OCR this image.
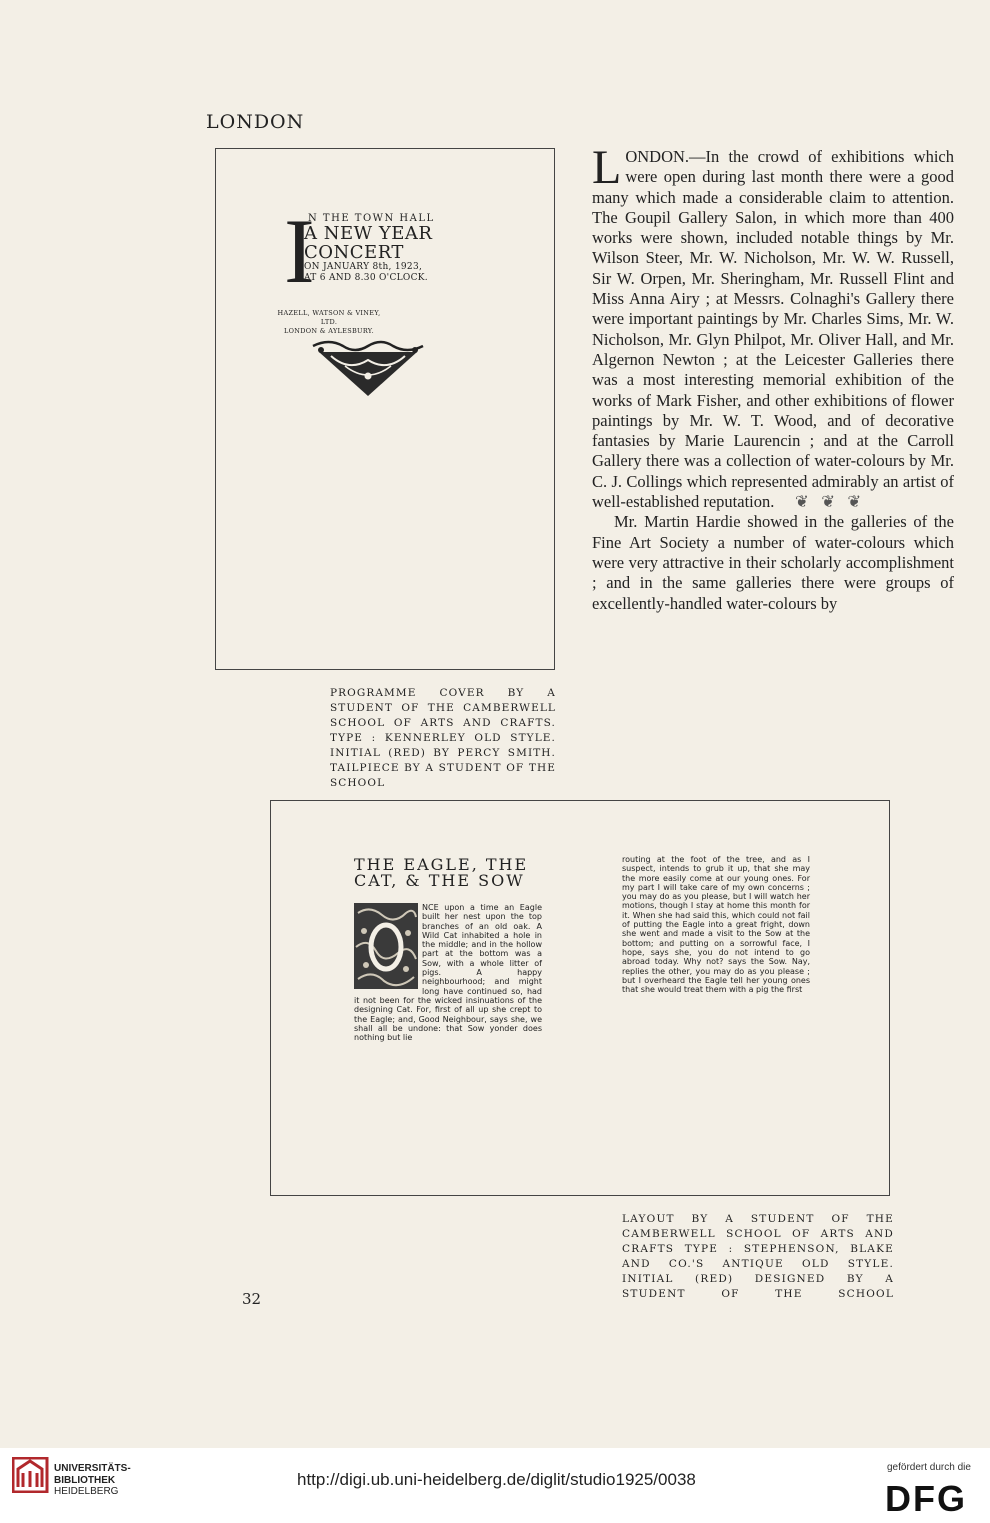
LONDON
I
N THE TOWN HALL
A NEW YEAR
CONCERT
ON JANUARY 8th, 1923,
AT 6 AND 8.30 O'CLOCK.
HAZELL, WATSON & VINEY, LTD.
LONDON & AYLESBURY.
PROGRAMME COVER BY A STUDENT OF THE CAMBERWELL SCHOOL OF ARTS AND CRAFTS. TYPE : KENNERLEY OLD STYLE. INITIAL (RED) BY PERCY SMITH. TAILPIECE BY A STUDENT OF THE SCHOOL

LONDON.—In the crowd of exhibitions which were open during last month there were a good many which made a considerable claim to attention. The Goupil Gallery Salon, in which more than 400 works were shown, included notable things by Mr. Wilson Steer, Mr. W. Nicholson, Mr. W. W. Russell, Sir W. Orpen, Mr. Sheringham, Mr. Russell Flint and Miss Anna Airy ; at Messrs. Colnaghi's Gallery there were important paintings by Mr. Charles Sims, Mr. W. Nicholson, Mr. Glyn Philpot, Mr. Oliver Hall, and Mr. Algernon Newton ; at the Leicester Galleries there was a most interesting memorial exhibition of the works of Mark Fisher, and other exhibitions of flower paintings by Mr. W. T. Wood, and of decorative fantasies by Marie Laurencin ; and at the Carroll Gallery there was a collection of water-colours by Mr. C. J. Collings which represented admirably an artist of well-established reputation.     ❦   ❦   ❦

Mr. Martin Hardie showed in the galleries of the Fine Art Society a number of water-colours which were very attractive in their scholarly accomplishment ; and in the same galleries there were groups of excellently-handled water-colours by

THE EAGLE, THE
CAT, & THE SOW
NCE upon a time an Eagle built her nest upon the top branches of an old oak. A Wild Cat inhabited a hole in the middle; and in the hollow part at the bottom was a Sow, with a whole litter of pigs. A happy neighbourhood; and might long have continued so, had it not been for the wicked insinuations of the designing Cat. For, first of all up she crept to the Eagle; and, Good Neighbour, says she, we shall all be undone: that Sow yonder does nothing but lie
routing at the foot of the tree, and as I suspect, intends to grub it up, that she may the more easily come at our young ones. For my part I will take care of my own concerns ; you may do as you please, but I will watch her motions, though I stay at home this month for it. When she had said this, which could not fail of putting the Eagle into a great fright, down she went and made a visit to the Sow at the bottom; and putting on a sorrowful face, I hope, says she, you do not intend to go abroad today. Why not? says the Sow. Nay, replies the other, you may do as you please ; but I overheard the Eagle tell her young ones that she would treat them with a pig the first
LAYOUT BY A STUDENT OF THE CAMBERWELL SCHOOL OF ARTS AND CRAFTS TYPE : STEPHENSON, BLAKE AND CO.'S ANTIQUE OLD STYLE. INITIAL (RED) DESIGNED BY A STUDENT OF THE SCHOOL
32
UNIVERSITÄTS-
BIBLIOTHEK
HEIDELBERG
http://digi.ub.uni-heidelberg.de/diglit/studio1925/0038
gefördert durch die
DFG
